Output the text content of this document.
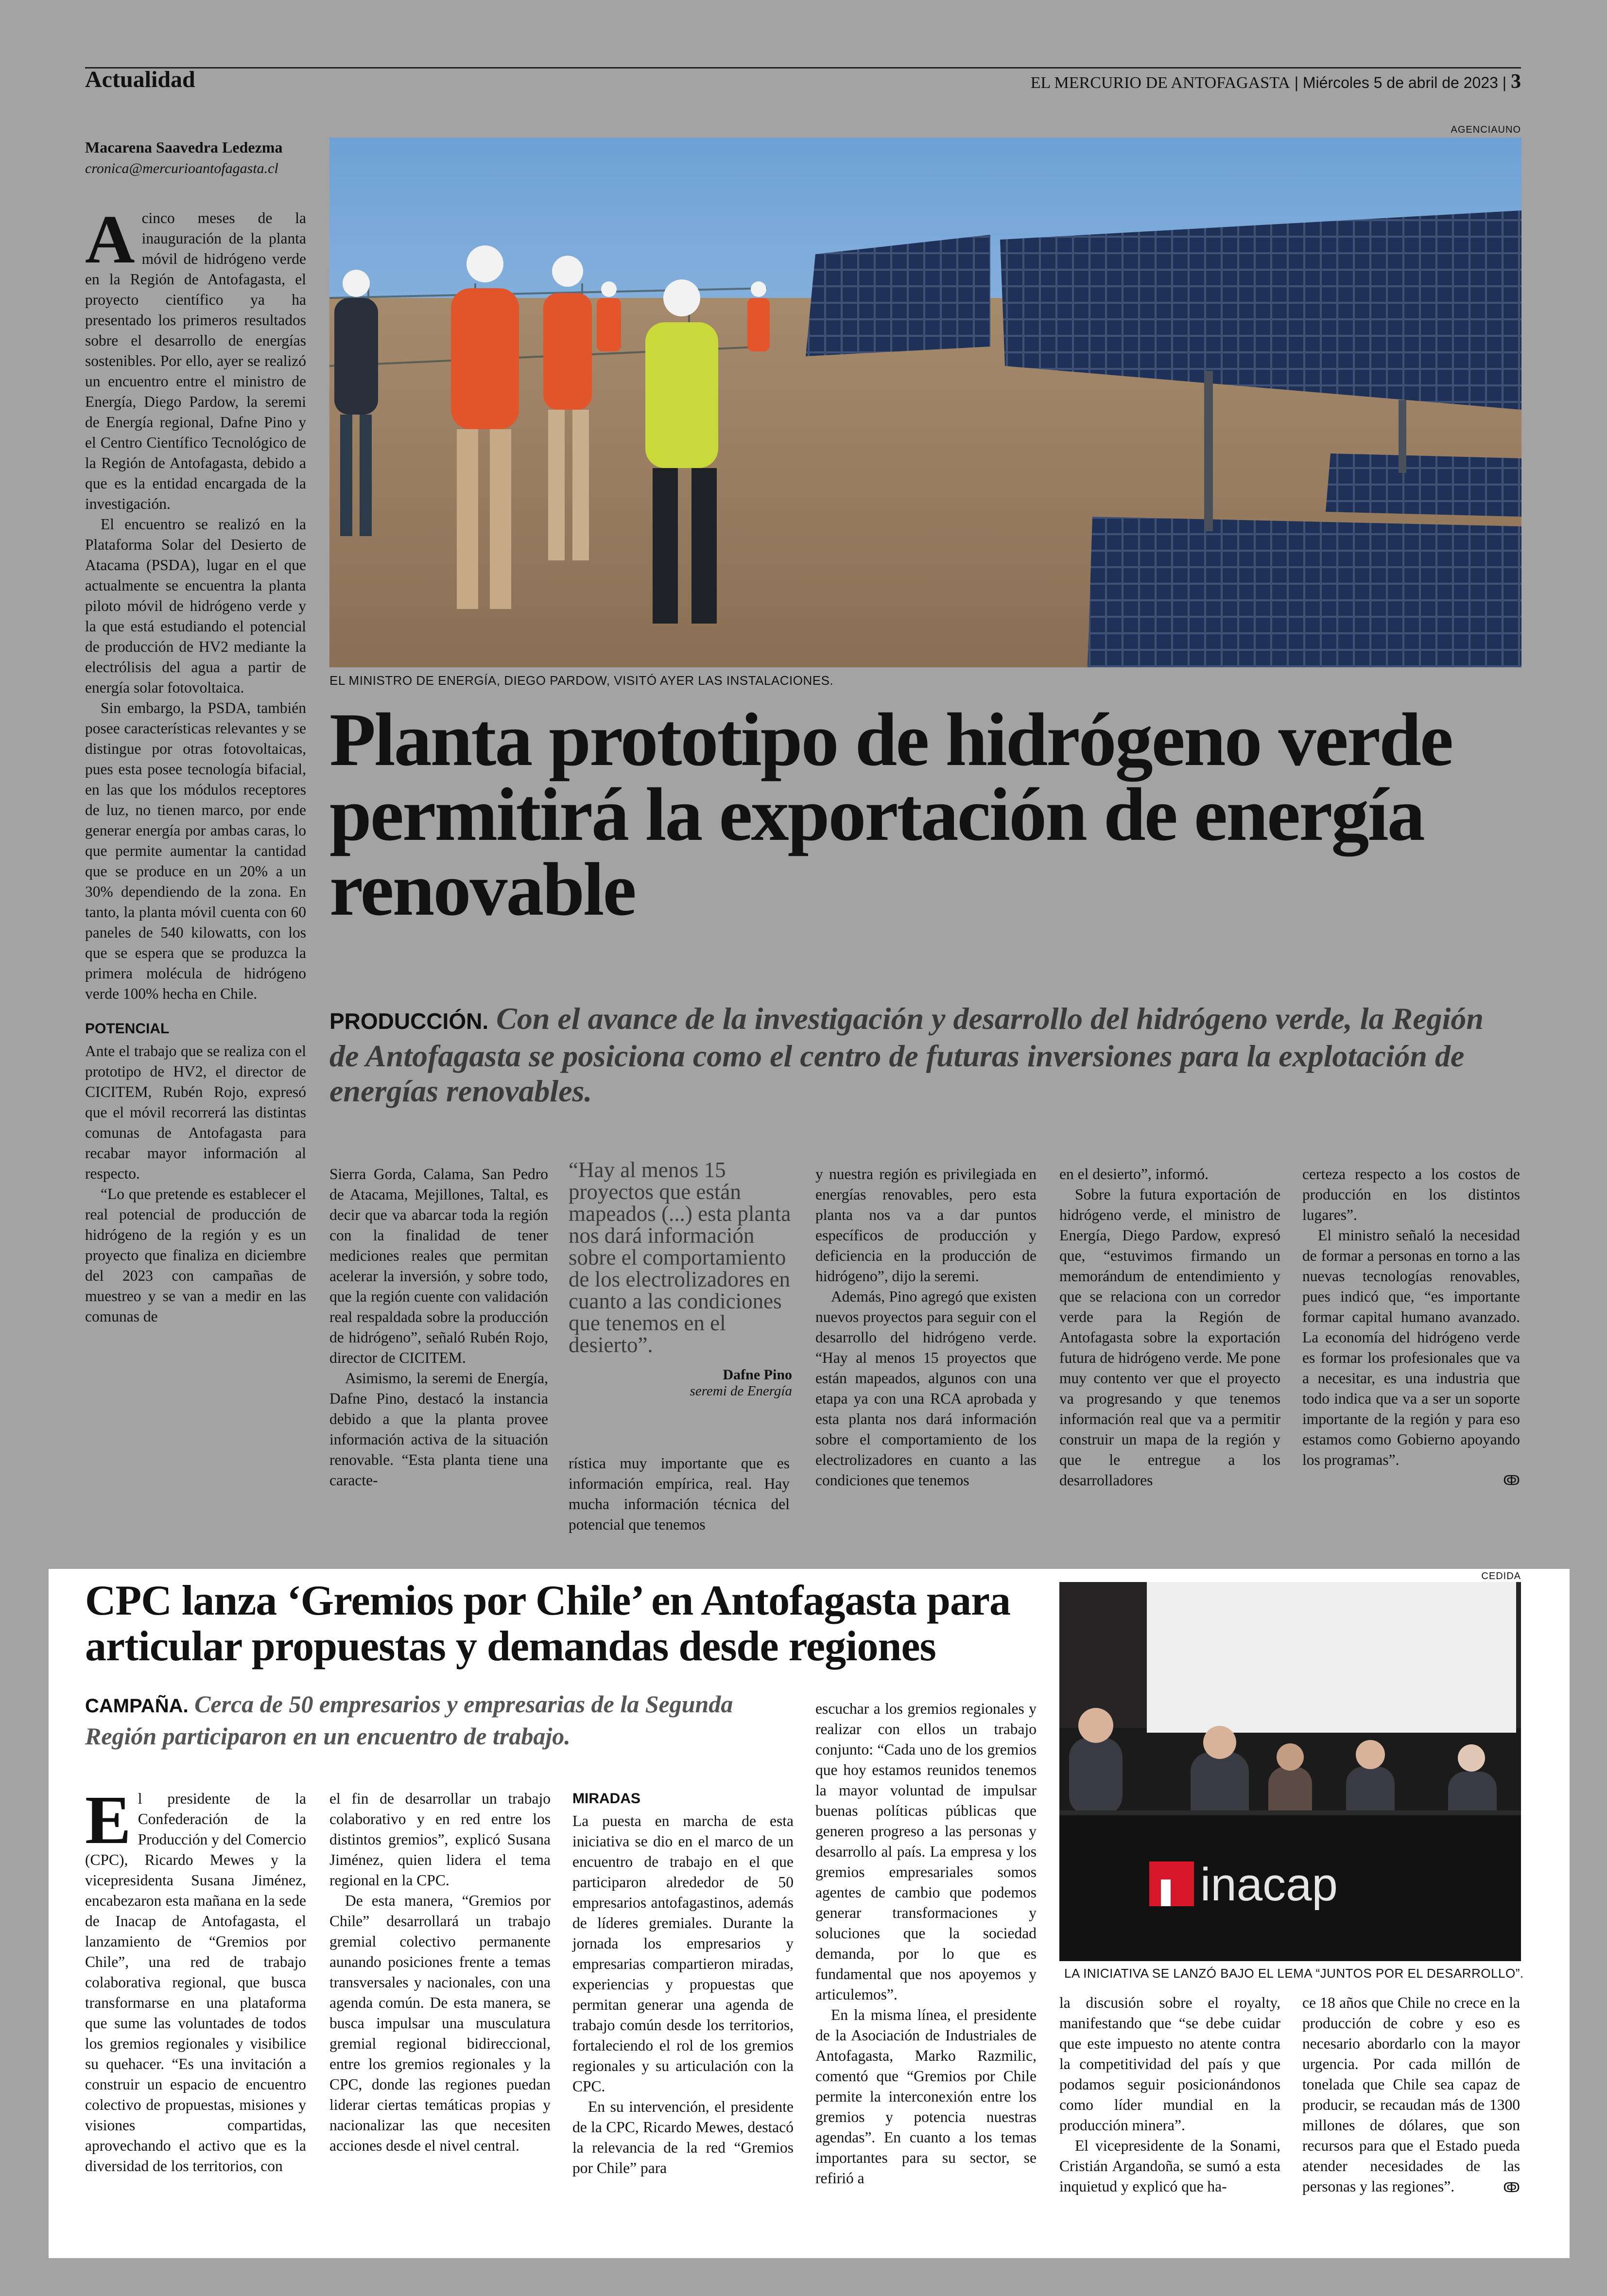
Actualidad	EL MERCURIO DE ANTOFAGASTA | Miércoles 5 de abril de 2023 | 3
Macarena Saavedra Ledezma
cronica@mercurioantofagasta.cl
AGENCIAUNO
EL MINISTRO DE ENERGÍA, DIEGO PARDOW, VISITÓ AYER LAS INSTALACIONES.
Planta prototipo de hidrógeno verde permitirá la exportación de energía renovable
PRODUCCIÓN. Con el avance de la investigación y desarrollo del hidrógeno verde, la Región de Antofagasta se posiciona como el centro de futuras inversiones para la explotación de energías renovables.
A cinco meses de la inauguración de la planta móvil de hidrógeno verde en la Región de Antofagasta, el proyecto científico ya ha presentado los primeros resultados sobre el desarrollo de energías sostenibles. Por ello, ayer se realizó un encuentro entre el ministro de Energía, Diego Pardow, la seremi de Energía regional, Dafne Pino y el Centro Científico Tecnológico de la Región de Antofagasta, debido a que es la entidad encargada de la investigación.

El encuentro se realizó en la Plataforma Solar del Desierto de Atacama (PSDA), lugar en el que actualmente se encuentra la planta piloto móvil de hidrógeno verde y la que está estudiando el potencial de producción de HV2 mediante la electrólisis del agua a partir de energía solar fotovoltaica.

Sin embargo, la PSDA, también posee características relevantes y se distingue por otras fotovoltaicas, pues esta posee tecnología bifacial, en las que los módulos receptores de luz, no tienen marco, por ende generar energía por ambas caras, lo que permite aumentar la cantidad que se produce en un 20% a un 30% dependiendo de la zona. En tanto, la planta móvil cuenta con 60 paneles de 540 kilowatts, con los que se espera que se produzca la primera molécula de hidrógeno verde 100% hecha en Chile.

POTENCIAL

Ante el trabajo que se realiza con el prototipo de HV2, el director de CICITEM, Rubén Rojo, expresó que el móvil recorrerá las distintas comunas de Antofagasta para recabar mayor información al respecto.

“Lo que pretende es establecer el real potencial de producción de hidrógeno de la región y es un proyecto que finaliza en diciembre del 2023 con campañas de muestreo y se van a medir en las comunas de

Sierra Gorda, Calama, San Pedro de Atacama, Mejillones, Taltal, es decir que va abarcar toda la región con la finalidad de tener mediciones reales que permitan acelerar la inversión, y sobre todo, que la región cuente con validación real respaldada sobre la producción de hidrógeno”, señaló Rubén Rojo, director de CICITEM.

Asimismo, la seremi de Energía, Dafne Pino, destacó la instancia debido a que la planta provee información activa de la situación renovable. “Esta planta tiene una caracte-

“Hay al menos 15 proyectos que están mapeados (...) esta planta nos dará información sobre el comportamiento de los electrolizadores en cuanto a las condiciones que tenemos en el desierto”.
Dafne Pino
seremi de Energía

rística muy importante que es información empírica, real. Hay mucha información técnica del potencial que tenemos

y nuestra región es privilegiada en energías renovables, pero esta planta nos va a dar puntos específicos de producción y deficiencia en la producción de hidrógeno”, dijo la seremi.

Además, Pino agregó que existen nuevos proyectos para seguir con el desarrollo del hidrógeno verde. “Hay al menos 15 proyectos que están mapeados, algunos con una etapa ya con una RCA aprobada y esta planta nos dará información sobre el comportamiento de los electrolizadores en cuanto a las condiciones que tenemos

en el desierto”, informó.

Sobre la futura exportación de hidrógeno verde, el ministro de Energía, Diego Pardow, expresó que, “estuvimos firmando un memorándum de entendimiento y que se relaciona con un corredor verde para la Región de Antofagasta sobre la exportación futura de hidrógeno verde. Me pone muy contento ver que el proyecto va progresando y que tenemos información real que va a permitir construir un mapa de la región y que le entregue a los desarrolladores

certeza respecto a los costos de producción en los distintos lugares”.

El ministro señaló la necesidad de formar a personas en torno a las nuevas tecnologías renovables, pues indicó que, “es importante formar capital humano avanzado. La economía del hidrógeno verde es formar los profesionales que va a necesitar, es una industria que todo indica que va a ser un soporte importante de la región y para eso estamos como Gobierno apoyando los programas”.

ↂ
CEDIDA
inacap
LA INICIATIVA SE LANZÓ BAJO EL LEMA “JUNTOS POR EL DESARROLLO”.
CPC lanza ‘Gremios por Chile’ en Antofagasta para articular propuestas y demandas desde regiones
CAMPAÑA. Cerca de 50 empresarios y empresarias de la Segunda Región participaron en un encuentro de trabajo.
E l presidente de la Confederación de la Producción y del Comercio (CPC), Ricardo Mewes y la vicepresidenta Susana Jiménez, encabezaron esta mañana en la sede de Inacap de Antofagasta, el lanzamiento de “Gremios por Chile”, una red de trabajo colaborativa regional, que busca transformarse en una plataforma que sume las voluntades de todos los gremios regionales y visibilice su quehacer. “Es una invitación a construir un espacio de encuentro colectivo de propuestas, misiones y visiones compartidas, aprovechando el activo que es la diversidad de los territorios, con

el fin de desarrollar un trabajo colaborativo y en red entre los distintos gremios”, explicó Susana Jiménez, quien lidera el tema regional en la CPC.

De esta manera, “Gremios por Chile” desarrollará un trabajo gremial colectivo permanente aunando posiciones frente a temas transversales y nacionales, con una agenda común. De esta manera, se busca impulsar una musculatura gremial regional bidireccional, entre los gremios regionales y la CPC, donde las regiones puedan liderar ciertas temáticas propias y nacionalizar las que necesiten acciones desde el nivel central.

MIRADAS

La puesta en marcha de esta iniciativa se dio en el marco de un encuentro de trabajo en el que participaron alrededor de 50 empresarios antofagastinos, además de líderes gremiales. Durante la jornada los empresarios y empresarias compartieron miradas, experiencias y propuestas que permitan generar una agenda de trabajo común desde los territorios, fortaleciendo el rol de los gremios regionales y su articulación con la CPC.

En su intervención, el presidente de la CPC, Ricardo Mewes, destacó la relevancia de la red “Gremios por Chile” para

escuchar a los gremios regionales y realizar con ellos un trabajo conjunto: “Cada uno de los gremios que hoy estamos reunidos tenemos la mayor voluntad de impulsar buenas políticas públicas que generen progreso a las personas y desarrollo al país. La empresa y los gremios empresariales somos agentes de cambio que podemos generar transformaciones y soluciones que la sociedad demanda, por lo que es fundamental que nos apoyemos y articulemos”.

En la misma línea, el presidente de la Asociación de Industriales de Antofagasta, Marko Razmilic, comentó que “Gremios por Chile permite la interconexión entre los gremios y potencia nuestras agendas”. En cuanto a los temas importantes para su sector, se refirió a

la discusión sobre el royalty, manifestando que “se debe cuidar que este impuesto no atente contra la competitividad del país y que podamos seguir posicionándonos como líder mundial en la producción minera”.

El vicepresidente de la Sonami, Cristián Argandoña, se sumó a esta inquietud y explicó que ha-

ce 18 años que Chile no crece en la producción de cobre y eso es necesario abordarlo con la mayor urgencia. Por cada millón de tonelada que Chile sea capaz de producir, se recaudan más de 1300 millones de dólares, que son recursos para que el Estado pueda atender necesidades de las personas y las regiones”.	ↂ
